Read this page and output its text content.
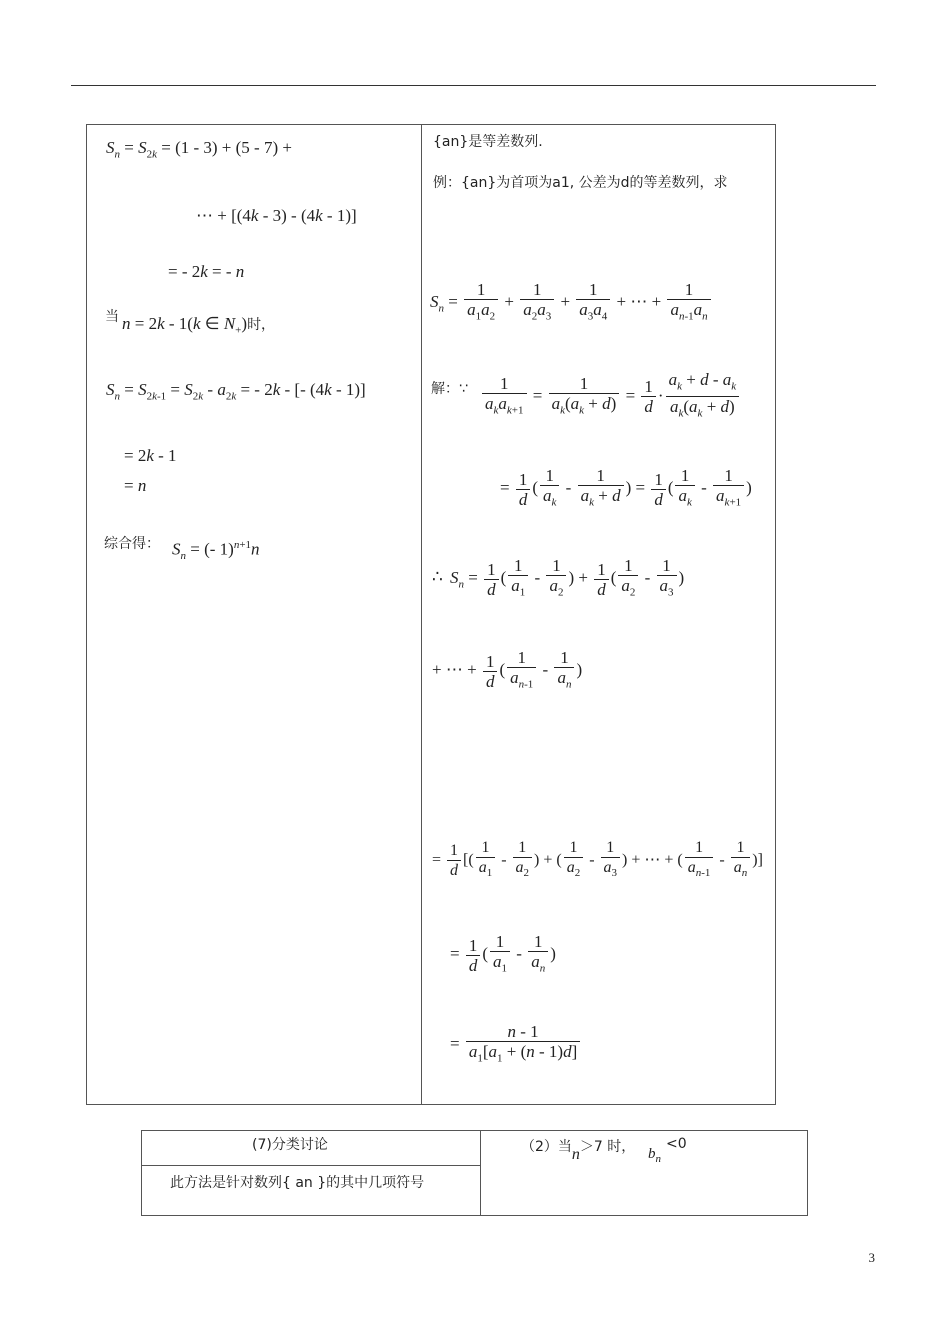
$S_n = S_{2k} = (1 - 3) + (5 - 7)$ +
⋯ + [(4k - 3) - (4k - 1)]
= - 2k = - n
当 n = 2k - 1(k ∈ $N_+$)时，
$S_n = S_{2k-1} = S_{2k} - a_{2k}$ = - 2k - [- (4k - 1)]
= 2k - 1
= n
综合得： $S_n$ = (- 1)$^{n+1}$n
{an}是等差数列.
例：{an}为首项为a1, 公差为d的等差数列，求
$S_n = \frac{1}{a_1a_2} + \frac{1}{a_2a_3} + \frac{1}{a_3a_4}$ + ⋯ + $\frac{1}{a_{n-1}a_n}$
解：∵ $\frac{1}{a_ka_{k+1}} = \frac{1}{a_k(a_k + d)} = \frac{1}{d} \cdot \frac{a_k + d - a_k}{a_k(a_k + d)}$
= $\frac{1}{d}$ ( $\frac{1}{a_k} - \frac{1}{a_k + d}$ ) = $\frac{1}{d}$ ( $\frac{1}{a_k} - \frac{1}{a_{k+1}}$ )
∴ $S_n = \frac{1}{d}$ ( $\frac{1}{a_1} - \frac{1}{a_2}$ ) + $\frac{1}{d}$ ( $\frac{1}{a_2} - \frac{1}{a_3}$ )
+ ⋯ + $\frac{1}{d}$ ( $\frac{1}{a_{n-1}} - \frac{1}{a_n}$ )
= $\frac{1}{d}$ [( $\frac{1}{a_1} - \frac{1}{a_2}$ ) + ( $\frac{1}{a_2} - \frac{1}{a_3}$ ) + ⋯ + ( $\frac{1}{a_{n-1}} - \frac{1}{a_n}$ )]
= $\frac{1}{d}$ ( $\frac{1}{a_1} - \frac{1}{a_n}$ )
= $\frac{n - 1}{a_1[a_1 + (n - 1)d]}$
(7)分类讨论
此方法是针对数列{ an }的其中几项符号
（2）当n＞7 时， $b_n$
<0
3
